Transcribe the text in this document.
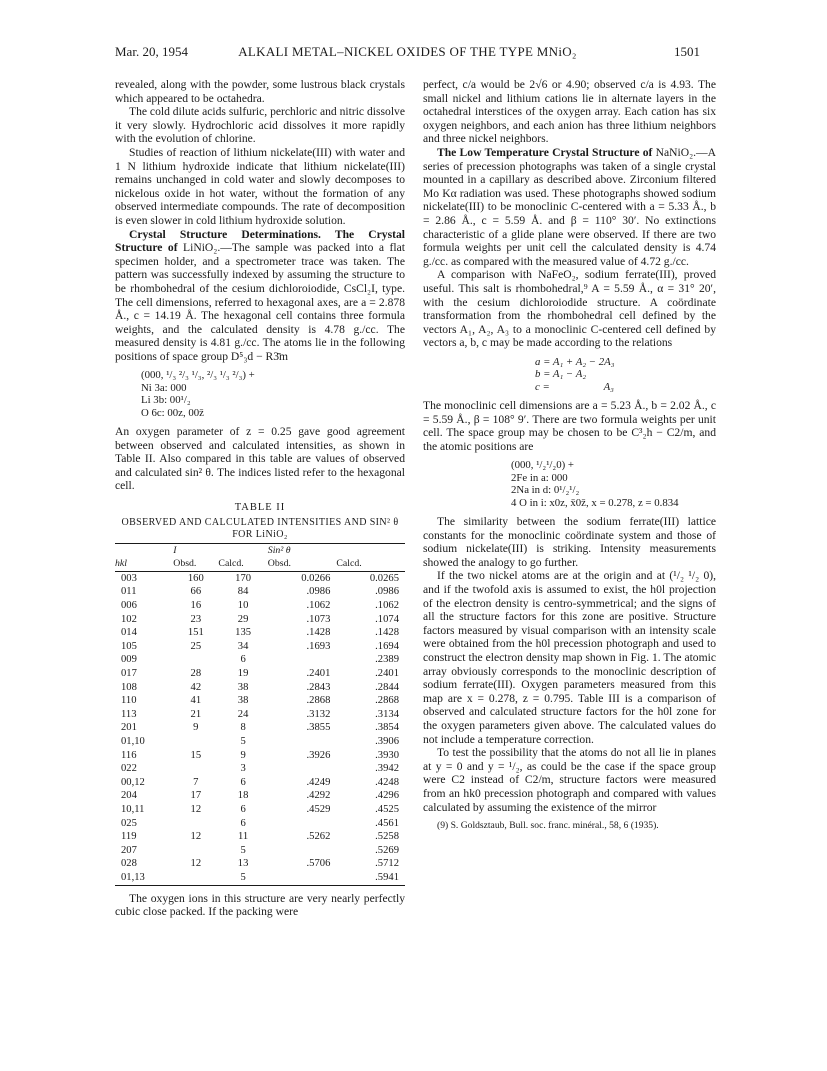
Mar. 20, 1954	ALKALI METAL–NICKEL OXIDES OF THE TYPE MNiO₂	1501

revealed, along with the powder, some lustrous black crystals which appeared to be octahedra.

The cold dilute acids sulfuric, perchloric and nitric dissolve it very slowly. Hydrochloric acid dissolves it more rapidly with the evolution of chlorine.

Studies of reaction of lithium nickelate(III) with water and 1 N lithium hydroxide indicate that lithium nickelate(III) remains unchanged in cold water and slowly decomposes to nickelous oxide in hot water, without the formation of any observed intermediate compounds. The rate of decomposition is even slower in cold lithium hydroxide solution.

Crystal Structure Determinations. The Crystal Structure of LiNiO₂.—The sample was packed into a flat specimen holder, and a spectrometer trace was taken. The pattern was successfully indexed by assuming the structure to be rhombohedral of the cesium dichloroiodide, CsCl₂I, type. The cell dimensions, referred to hexagonal axes, are a = 2.878 Å., c = 14.19 Å. The hexagonal cell contains three formula weights, and the calculated density is 4.78 g./cc. The measured density is 4.81 g./cc. The atoms lie in the following positions of space group D⁵₃d − R3̄m

(000, ¹/₃ ²/₃ ¹/₃, ²/₃ ¹/₃ ²/₃) +
Ni 3a: 000
Li 3b: 00¹/₂
O 6c: 00z, 00z̄

An oxygen parameter of z = 0.25 gave good agreement between observed and calculated intensities, as shown in Table II. Also compared in this table are values of observed and calculated sin² θ. The indices listed refer to the hexagonal cell.

TABLE II
OBSERVED AND CALCULATED INTENSITIES AND SIN² θ FOR LiNiO₂
	I		Sin² θ	
hkl	Obsd.	Calcd.	Obsd.	Calcd.
003	160	170	0.0266	0.0265
011	66	84	.0986	.0986
006	16	10	.1062	.1062
102	23	29	.1073	.1074
014	151	135	.1428	.1428
105	25	34	.1693	.1694
009		6		.2389
017	28	19	.2401	.2401
108	42	38	.2843	.2844
110	41	38	.2868	.2868
113	21	24	.3132	.3134
201	9	8	.3855	.3854
01,10		5		.3906
116	15	9	.3926	.3930
022		3		.3942
00,12	7	6	.4249	.4248
204	17	18	.4292	.4296
10,11	12	6	.4529	.4525
025		6		.4561
119	12	11	.5262	.5258
207		5		.5269
028	12	13	.5706	.5712
01,13		5		.5941

The oxygen ions in this structure are very nearly perfectly cubic close packed. If the packing were

perfect, c/a would be 2√6 or 4.90; observed c/a is 4.93. The small nickel and lithium cations lie in alternate layers in the octahedral interstices of the oxygen array. Each cation has six oxygen neighbors, and each anion has three lithium neighbors and three nickel neighbors.

The Low Temperature Crystal Structure of NaNiO₂.—A series of precession photographs was taken of a single crystal mounted in a capillary as described above. Zirconium filtered Mo Kα radiation was used. These photographs showed sodium nickelate(III) to be monoclinic C-centered with a = 5.33 Å., b = 2.86 Å., c = 5.59 Å. and β = 110° 30′. No extinctions characteristic of a glide plane were observed. If there are two formula weights per unit cell the calculated density is 4.74 g./cc. as compared with the measured value of 4.72 g./cc.

A comparison with NaFeO₂, sodium ferrate(III), proved useful. This salt is rhombohedral,⁹ A = 5.59 Å., α = 31° 20′, with the cesium dichloroiodide structure. A coördinate transformation from the rhombohedral cell defined by the vectors A₁, A₂, A₃ to a monoclinic C-centered cell defined by vectors a, b, c may be made according to the relations

a = A₁ + A₂ − 2A₃
b = A₁ − A₂
c =                    A₃

The monoclinic cell dimensions are a = 5.23 Å., b = 2.02 Å., c = 5.59 Å., β = 108° 9′. There are two formula weights per unit cell. The space group may be chosen to be C³₂h − C2/m, and the atomic positions are

(000, ¹/₂¹/₂0) +
2Fe in a: 000
2Na in d: 0¹/₂¹/₂
4 O in i: x0z, x̄0z̄, x = 0.278, z = 0.834

The similarity between the sodium ferrate(III) lattice constants for the monoclinic coördinate system and those of sodium nickelate(III) is striking. Intensity measurements showed the analogy to go further.

If the two nickel atoms are at the origin and at (¹/₂ ¹/₂ 0), and if the twofold axis is assumed to exist, the h0l projection of the electron density is centro-symmetrical; and the signs of all the structure factors for this zone are positive. Structure factors measured by visual comparison with an intensity scale were obtained from the h0l precession photograph and used to construct the electron density map shown in Fig. 1. The atomic array obviously corresponds to the monoclinic description of sodium ferrate(III). Oxygen parameters measured from this map are x = 0.278, z = 0.795. Table III is a comparison of observed and calculated structure factors for the h0l zone for the oxygen parameters given above. The calculated values do not include a temperature correction.

To test the possibility that the atoms do not all lie in planes at y = 0 and y = ¹/₂, as could be the case if the space group were C2 instead of C2/m, structure factors were measured from an hk0 precession photograph and compared with values calculated by assuming the existence of the mirror

(9) S. Goldsztaub, Bull. soc. franc. minéral., 58, 6 (1935).
